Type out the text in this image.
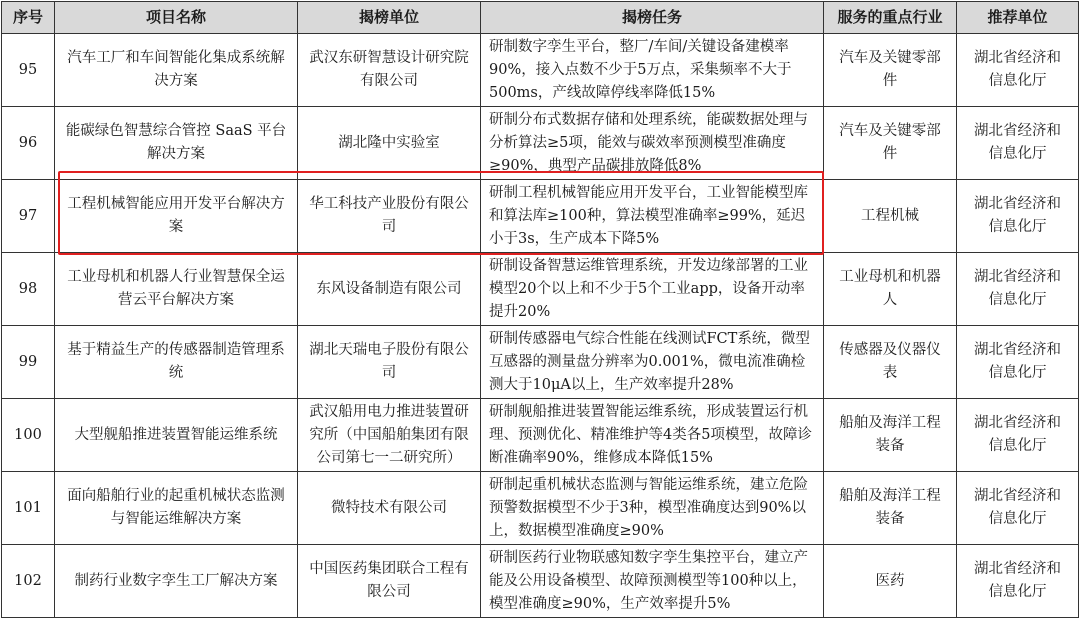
序号	项目名称	揭榜单位	揭榜任务	服务的重点行业	推荐单位
95	汽车工厂和车间智能化集成系统解决方案	武汉东研智慧设计研究院有限公司	研制数字孪生平台，整厂/车间/关键设备建模率90%，接入点数不少于5万点，采集频率不大于500ms，产线故障停线率降低15%	汽车及关键零部件	湖北省经济和信息化厅
96	能碳绿色智慧综合管控 SaaS 平台解决方案	湖北隆中实验室	研制分布式数据存储和处理系统，能碳数据处理与分析算法≥5项，能效与碳效率预测模型准确度≥90%，典型产品碳排放降低8%	汽车及关键零部件	湖北省经济和信息化厅
97	工程机械智能应用开发平台解决方案	华工科技产业股份有限公司	研制工程机械智能应用开发平台，工业智能模型库和算法库≥100种，算法模型准确率≥99%，延迟小于3s，生产成本下降5%	工程机械	湖北省经济和信息化厅
98	工业母机和机器人行业智慧保全运营云平台解决方案	东风设备制造有限公司	研制设备智慧运维管理系统，开发边缘部署的工业模型20个以上和不少于5个工业app，设备开动率提升20%	工业母机和机器人	湖北省经济和信息化厅
99	基于精益生产的传感器制造管理系统	湖北天瑞电子股份有限公司	研制传感器电气综合性能在线测试FCT系统，微型互感器的测量盘分辨率为0.001%，微电流准确检测大于10μA以上，生产效率提升28%	传感器及仪器仪表	湖北省经济和信息化厅
100	大型舰船推进装置智能运维系统	武汉船用电力推进装置研究所（中国船舶集团有限公司第七一二研究所）	研制舰船推进装置智能运维系统，形成装置运行机理、预测优化、精准维护等4类各5项模型，故障诊断准确率90%，维修成本降低15%	船舶及海洋工程装备	湖北省经济和信息化厅
101	面向船舶行业的起重机械状态监测与智能运维解决方案	微特技术有限公司	研制起重机械状态监测与智能运维系统，建立危险预警数据模型不少于3种，模型准确度达到90%以上，数据模型准确度≥90%	船舶及海洋工程装备	湖北省经济和信息化厅
102	制药行业数字孪生工厂解决方案	中国医药集团联合工程有限公司	研制医药行业物联感知数字孪生集控平台，建立产能及公用设备模型、故障预测模型等100种以上，模型准确度≥90%，生产效率提升5%	医药	湖北省经济和信息化厅
